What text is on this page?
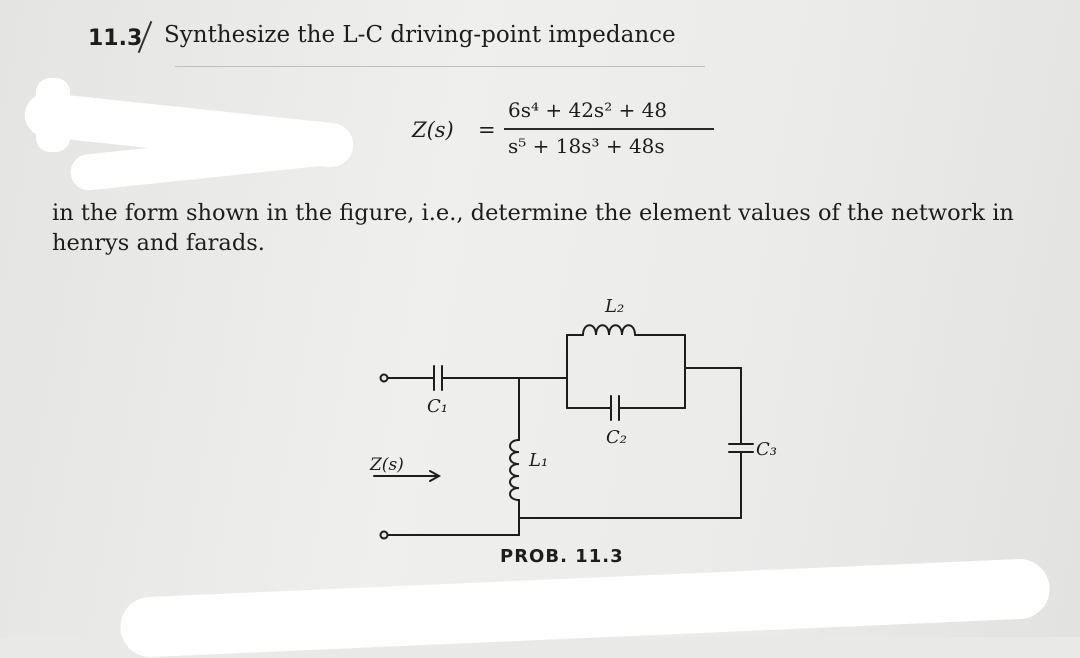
11.3 Synthesize the L-C driving-point impedance
Z(s) =
6s⁴ + 42s² + 48
s⁵ + 18s³ + 48s
in the form shown in the figure, i.e., determine the element values of the network in henrys and farads.
C₁
L₂
C₂
C₃
L₁
Z(s)
PROB. 11.3
